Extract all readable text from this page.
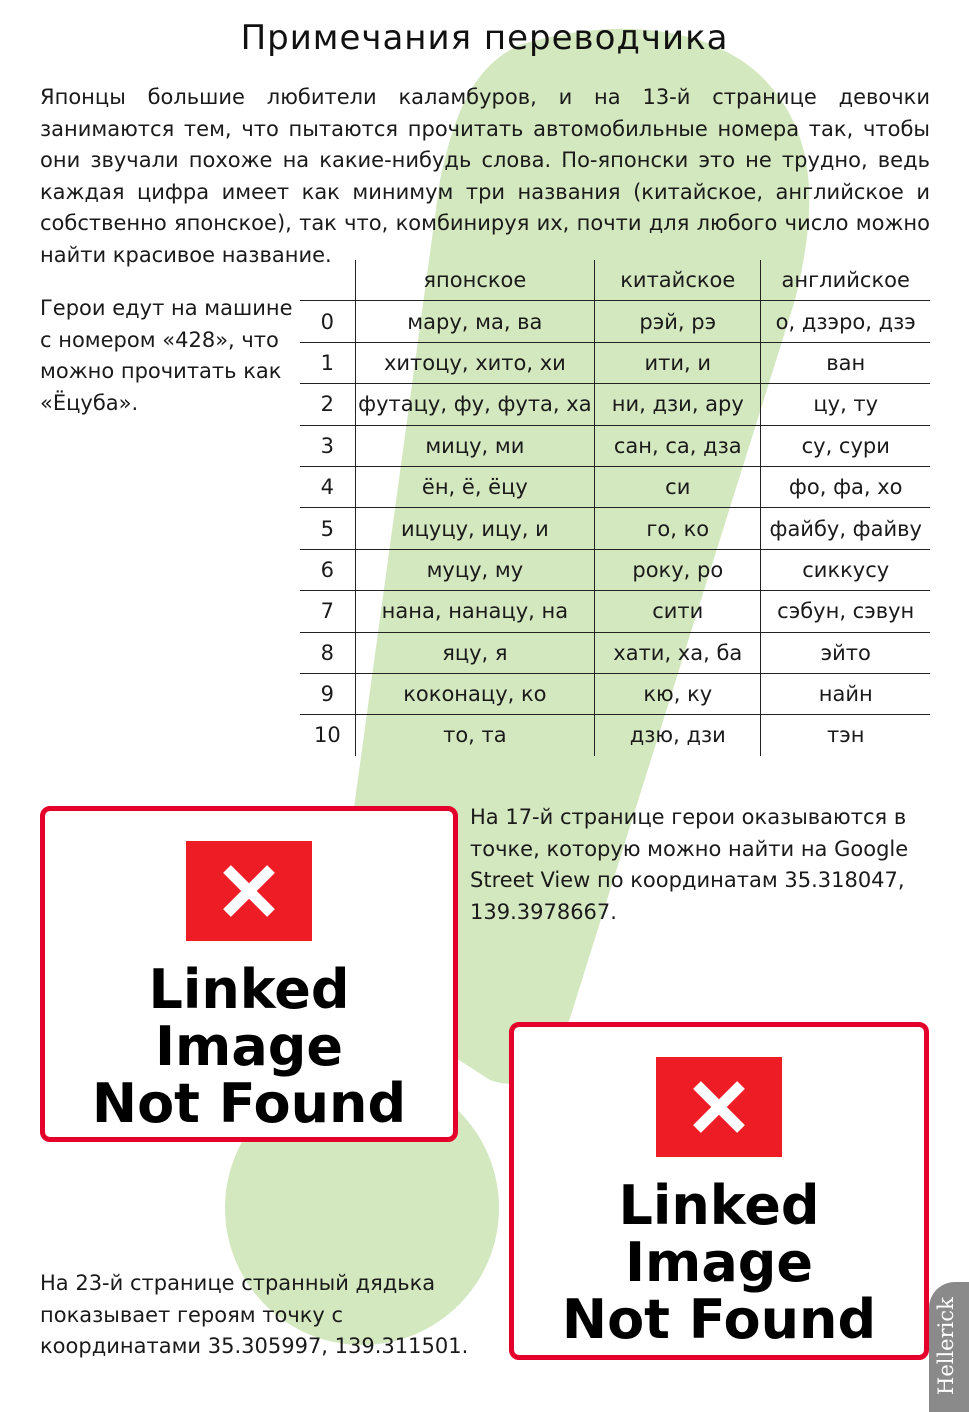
Примечания переводчика
Японцы большие любители каламбуров, и на 13-й странице девочки занимаются тем, что пытаются прочитать автомобильные номера так, чтобы они звучали похоже на какие-нибудь слова. По-японски это не трудно, ведь каждая цифра имеет как минимум три названия (китайское, английское и собственно японское), так что, комбинируя их, почти для любого число можно найти красивое название.
Герои едут на машине с номером «428», что можно прочитать как «Ёцуба».
	японское	китайское	английское
0	мару, ма, ва	рэй, рэ	о, дзэро, дзэ
1	хитоцу, хито, хи	ити, и	ван
2	футацу, фу, фута, ха	ни, дзи, ару	цу, ту
3	мицу, ми	сан, са, дза	су, сури
4	ён, ё, ёцу	си	фо, фа, хо
5	ицуцу, ицу, и	го, ко	файбу, файву
6	муцу, му	року, ро	сиккусу
7	нана, нанацу, на	сити	сэбун, сэвун
8	яцу, я	хати, ха, ба	эйто
9	коконацу, ко	кю, ку	найн
10	то, та	дзю, дзи	тэн
Linked
Image
Not Found
На 17-й странице герои оказываются в точке, которую можно найти на Google Street View по координатам 35.318047, 139.3978667.
На 23-й странице странный дядька показывает героям точку с координатами 35.305997, 139.311501.
Linked
Image
Not Found	Hellerick
